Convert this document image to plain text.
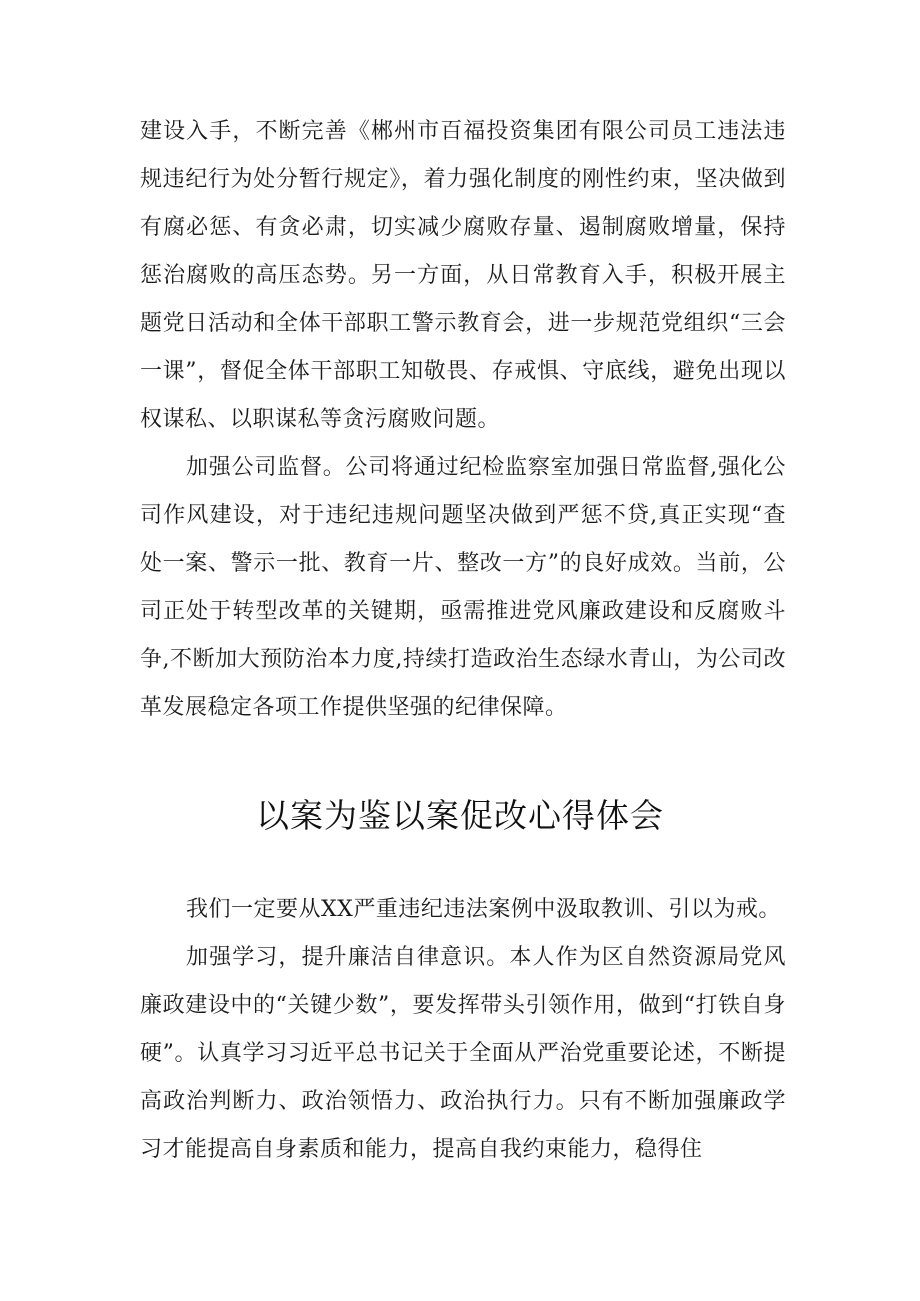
建设入手，不断完善《郴州市百福投资集团有限公司员工违法违规违纪行为处分暂行规定》，着力强化制度的刚性约束，坚决做到有腐必惩、有贪必肃，切实减少腐败存量、遏制腐败增量，保持惩治腐败的高压态势。另一方面，从日常教育入手，积极开展主题党日活动和全体干部职工警示教育会，进一步规范党组织“三会一课”，督促全体干部职工知敬畏、存戒惧、守底线，避免出现以权谋私、以职谋私等贪污腐败问题。

加强公司监督。公司将通过纪检监察室加强日常监督,强化公司作风建设，对于违纪违规问题坚决做到严惩不贷,真正实现“查处一案、警示一批、教育一片、整改一方”的良好成效。当前，公司正处于转型改革的关键期，亟需推进党风廉政建设和反腐败斗争,不断加大预防治本力度,持续打造政治生态绿水青山，为公司改革发展稳定各项工作提供坚强的纪律保障。

以案为鉴以案促改心得体会

我们一定要从XX严重违纪违法案例中汲取教训、引以为戒。

加强学习，提升廉洁自律意识。本人作为区自然资源局党风廉政建设中的“关键少数”，要发挥带头引领作用，做到“打铁自身硬”。认真学习习近平总书记关于全面从严治党重要论述，不断提高政治判断力、政治领悟力、政治执行力。只有不断加强廉政学习才能提高自身素质和能力，提高自我约束能力，稳得住
